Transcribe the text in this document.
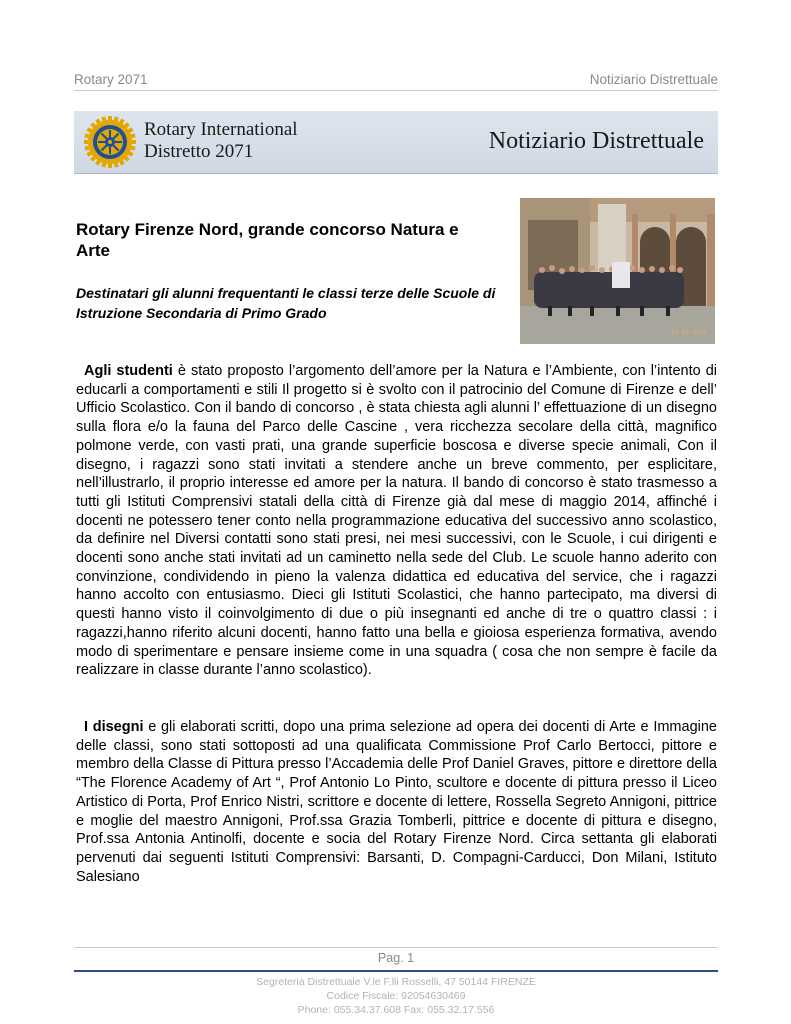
Rotary 2071	Notiziario Distrettuale
Rotary International
Distretto 2071	Notiziario Distrettuale
Rotary Firenze Nord, grande concorso Natura e Arte
Destinatari gli alunni frequentanti le classi terze delle Scuole di Istruzione Secondaria di Primo Grado
21 02 2015

Agli studenti è stato proposto l’argomento dell’amore per la Natura e l’Ambiente, con l’intento di educarli a comportamenti e stili Il progetto si è svolto con il patrocinio del Comune di Firenze e dell’ Ufficio Scolastico. Con il bando di concorso , è stata chiesta agli alunni l’ effettuazione di un disegno sulla flora e/o la fauna del Parco delle Cascine , vera ricchezza secolare della città, magnifico polmone verde, con vasti prati, una grande superficie boscosa e diverse specie animali, Con il disegno, i ragazzi sono stati invitati a stendere anche un breve commento, per esplicitare, nell’illustrarlo, il proprio interesse ed amore per la natura. Il bando di concorso è stato trasmesso a tutti gli Istituti Comprensivi statali della città di Firenze già dal mese di maggio 2014, affinché i docenti ne potessero tener conto nella programmazione educativa del successivo anno scolastico, da definire nel Diversi contatti sono stati presi, nei mesi successivi, con le Scuole, i cui dirigenti e docenti sono anche stati invitati ad un caminetto nella sede del Club. Le scuole hanno aderito con convinzione, condividendo in pieno la valenza didattica ed educativa del service, che i ragazzi hanno accolto con entusiasmo. Dieci gli Istituti Scolastici, che hanno partecipato, ma diversi di questi hanno visto il coinvolgimento di due o più insegnanti ed anche di tre o quattro classi : i ragazzi,hanno riferito alcuni docenti, hanno fatto una bella e gioiosa esperienza formativa, avendo modo di sperimentare e pensare insieme come in una squadra ( cosa che non sempre è facile da realizzare in classe durante l’anno scolastico).

I disegni e gli elaborati scritti, dopo una prima selezione ad opera dei docenti di Arte e Immagine delle classi, sono stati sottoposti ad una qualificata Commissione Prof Carlo Bertocci, pittore e membro della Classe di Pittura presso l’Accademia delle Prof Daniel Graves, pittore e direttore della “The Florence Academy of Art “, Prof Antonio Lo Pinto, scultore e docente di pittura presso il Liceo Artistico di Porta, Prof Enrico Nistri, scrittore e docente di lettere, Rossella Segreto Annigoni, pittrice e moglie del maestro Annigoni, Prof.ssa Grazia Tomberli, pittrice e docente di pittura e disegno, Prof.ssa Antonia Antinolfi, docente e socia del Rotary Firenze Nord. Circa settanta gli elaborati pervenuti dai seguenti Istituti Comprensivi: Barsanti, D. Compagni-Carducci, Don Milani, Istituto Salesiano

Pag. 1
Segreteria Distrettuale V.le F.lli Rosselli, 47 50144 FIRENZE
Codice Fiscale: 92054630469
Phone: 055.34.37.608 Fax: 055.32.17.556
